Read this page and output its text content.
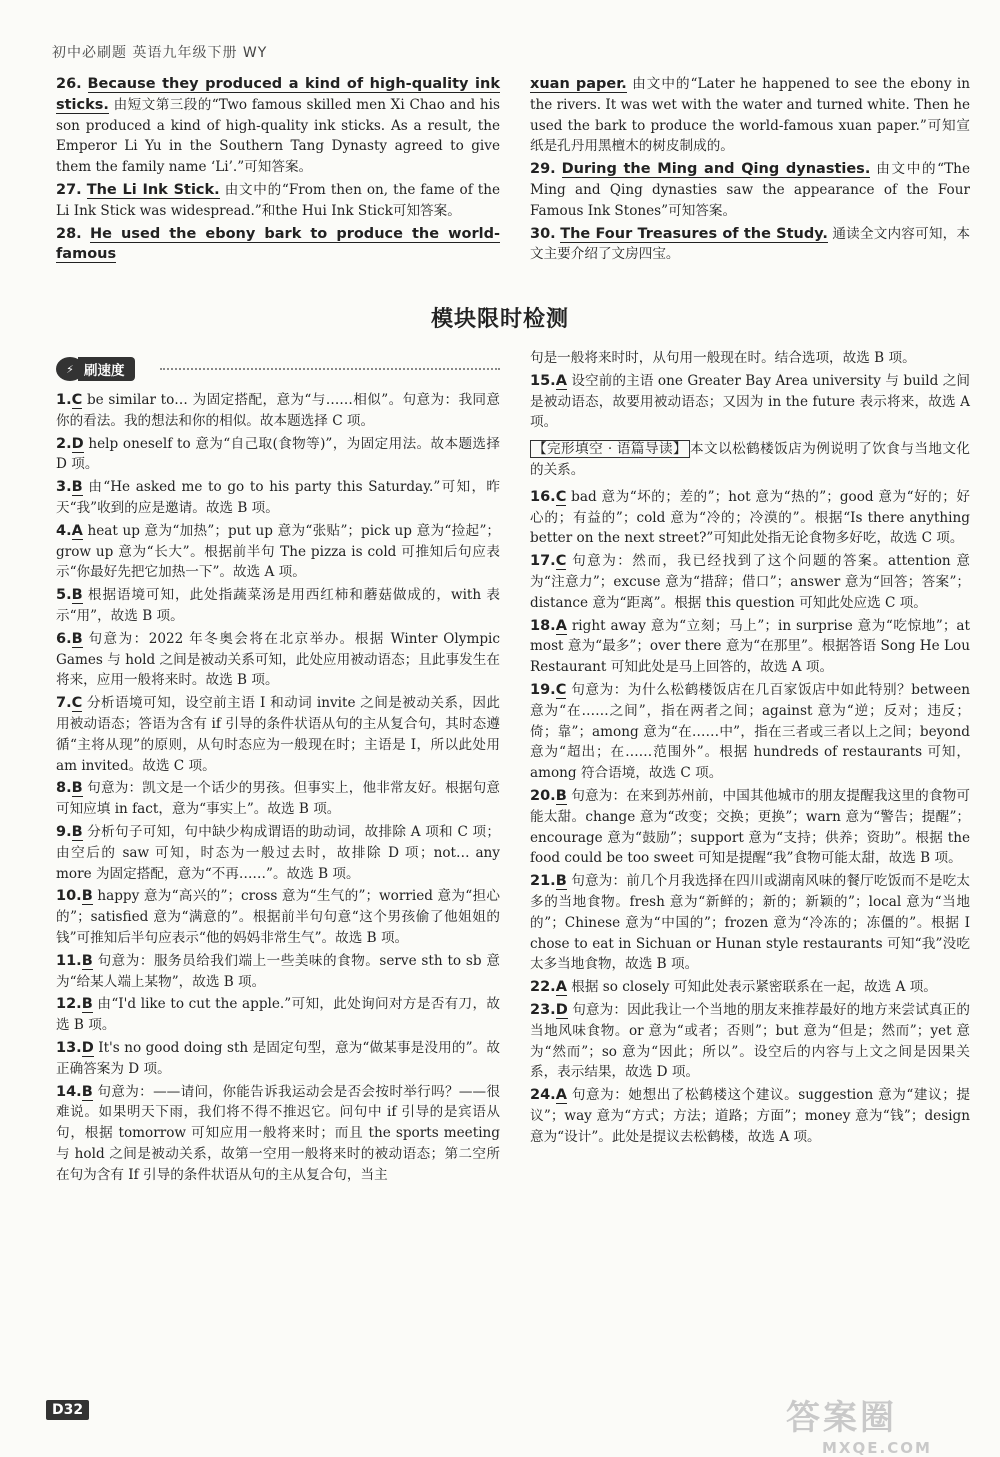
初中必刷题 英语九年级下册 WY
26. Because they produced a kind of high-quality ink sticks. 由短文第三段的“Two famous skilled men Xi Chao and his son produced a kind of high-quality ink sticks. As a result, the Emperor Li Yu in the Southern Tang Dynasty agreed to give them the family name ‘Li’.”可知答案。
27. The Li Ink Stick. 由文中的“From then on, the fame of the Li Ink Stick was widespread.”和the Hui Ink Stick可知答案。
28. He used the ebony bark to produce the world-famous
xuan paper. 由文中的“Later he happened to see the ebony in the rivers. It was wet with the water and turned white. Then he used the bark to produce the world-famous xuan paper.”可知宣纸是孔丹用黑檀木的树皮制成的。
29. During the Ming and Qing dynasties. 由文中的“The Ming and Qing dynasties saw the appearance of the Four Famous Ink Stones”可知答案。
30. The Four Treasures of the Study. 通读全文内容可知，本文主要介绍了文房四宝。
模块限时检测
⚡ 刷速度
1.C be similar to… 为固定搭配，意为“与……相似”。句意为：我同意你的看法。我的想法和你的相似。故本题选择 C 项。
2.D help oneself to 意为“自己取(食物等)”，为固定用法。故本题选择 D 项。
3.B 由“He asked me to go to his party this Saturday.”可知，昨天“我”收到的应是邀请。故选 B 项。
4.A heat up 意为“加热”；put up 意为“张贴”；pick up 意为“捡起”；grow up 意为“长大”。根据前半句 The pizza is cold 可推知后句应表示“你最好先把它加热一下”。故选 A 项。
5.B 根据语境可知，此处指蔬菜汤是用西红柿和蘑菇做成的，with 表示“用”，故选 B 项。
6.B 句意为：2022 年冬奥会将在北京举办。根据 Winter Olympic Games 与 hold 之间是被动关系可知，此处应用被动语态；且此事发生在将来，应用一般将来时。故选 B 项。
7.C 分析语境可知，设空前主语 I 和动词 invite 之间是被动关系，因此用被动语态；答语为含有 if 引导的条件状语从句的主从复合句，其时态遵循“主将从现”的原则，从句时态应为一般现在时；主语是 I，所以此处用 am invited。故选 C 项。
8.B 句意为：凯文是一个话少的男孩。但事实上，他非常友好。根据句意可知应填 in fact，意为“事实上”。故选 B 项。
9.B 分析句子可知，句中缺少构成谓语的助动词，故排除 A 项和 C 项；由空后的 saw 可知，时态为一般过去时，故排除 D 项；not… any more 为固定搭配，意为“不再……”。故选 B 项。
10.B happy 意为“高兴的”；cross 意为“生气的”；worried 意为“担心的”；satisfied 意为“满意的”。根据前半句句意“这个男孩偷了他姐姐的钱”可推知后半句应表示“他的妈妈非常生气”。故选 B 项。
11.B 句意为：服务员给我们端上一些美味的食物。serve sth to sb 意为“给某人端上某物”，故选 B 项。
12.B 由“I'd like to cut the apple.”可知，此处询问对方是否有刀，故选 B 项。
13.D It's no good doing sth 是固定句型，意为“做某事是没用的”。故正确答案为 D 项。
14.B 句意为：——请问，你能告诉我运动会是否会按时举行吗？——很难说。如果明天下雨，我们将不得不推迟它。问句中 if 引导的是宾语从句，根据 tomorrow 可知应用一般将来时；而且 the sports meeting 与 hold 之间是被动关系，故第一空用一般将来时的被动语态；第二空所在句为含有 If 引导的条件状语从句的主从复合句，当主
句是一般将来时时，从句用一般现在时。结合选项，故选 B 项。
15.A 设空前的主语 one Greater Bay Area university 与 build 之间是被动语态，故要用被动语态；又因为 in the future 表示将来，故选 A 项。
【完形填空 · 语篇导读】 本文以松鹤楼饭店为例说明了饮食与当地文化的关系。
16.C bad 意为“坏的；差的”；hot 意为“热的”；good 意为“好的；好心的；有益的”；cold 意为“冷的；冷漠的”。根据“Is there anything better on the next street?”可知此处指无论食物多好吃，故选 C 项。
17.C 句意为：然而，我已经找到了这个问题的答案。attention 意为“注意力”；excuse 意为“措辞；借口”；answer 意为“回答；答案”；distance 意为“距离”。根据 this question 可知此处应选 C 项。
18.A right away 意为“立刻；马上”；in surprise 意为“吃惊地”；at most 意为“最多”；over there 意为“在那里”。根据答语 Song He Lou Restaurant 可知此处是马上回答的，故选 A 项。
19.C 句意为：为什么松鹤楼饭店在几百家饭店中如此特别？between 意为“在……之间”，指在两者之间；against 意为“逆；反对；违反；倚；靠”；among 意为“在……中”，指在三者或三者以上之间；beyond 意为“超出；在……范围外”。根据 hundreds of restaurants 可知，among 符合语境，故选 C 项。
20.B 句意为：在来到苏州前，中国其他城市的朋友提醒我这里的食物可能太甜。change 意为“改变；交换；更换”；warn 意为“警告；提醒”；encourage 意为“鼓励”；support 意为“支持；供养；资助”。根据 the food could be too sweet 可知是提醒“我”食物可能太甜，故选 B 项。
21.B 句意为：前几个月我选择在四川或湖南风味的餐厅吃饭而不是吃太多的当地食物。fresh 意为“新鲜的；新的；新颖的”；local 意为“当地的”；Chinese 意为“中国的”；frozen 意为“冷冻的；冻僵的”。根据 I chose to eat in Sichuan or Hunan style restaurants 可知“我”没吃太多当地食物，故选 B 项。
22.A 根据 so closely 可知此处表示紧密联系在一起，故选 A 项。
23.D 句意为：因此我让一个当地的朋友来推荐最好的地方来尝试真正的当地风味食物。or 意为“或者；否则”；but 意为“但是；然而”；yet 意为“然而”；so 意为“因此；所以”。设空后的内容与上文之间是因果关系，表示结果，故选 D 项。
24.A 句意为：她想出了松鹤楼这个建议。suggestion 意为“建议；提议”；way 意为“方式；方法；道路；方面”；money 意为“钱”；design 意为“设计”。此处是提议去松鹤楼，故选 A 项。
D32	答案圈
MXQE.COM
